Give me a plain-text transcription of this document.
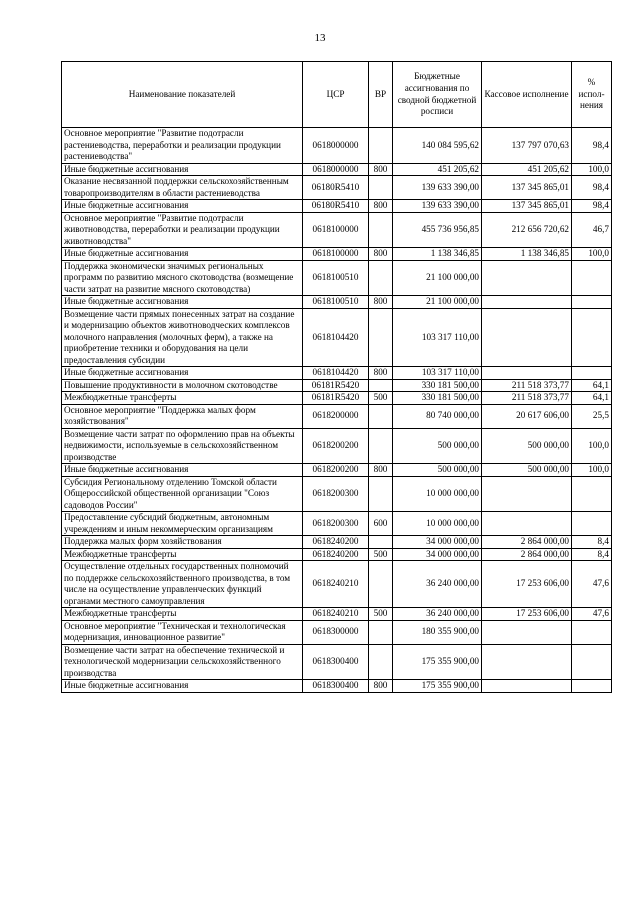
13
Наименование показателей	ЦСР	ВР	Бюджетные ассигнования по сводной бюджетной росписи	Кассовое исполнение	% испол-нения
Основное мероприятие "Развитие подотрасли растениеводства, переработки и реализации продукции растениеводства"	0618000000		140 084 595,62	137 797 070,63	98,4
Иные бюджетные ассигнования	0618000000	800	451 205,62	451 205,62	100,0
Оказание несвязанной поддержки сельскохозяйственным товаропроизводителям в области растениеводства	06180R5410		139 633 390,00	137 345 865,01	98,4
Иные бюджетные ассигнования	06180R5410	800	139 633 390,00	137 345 865,01	98,4
Основное мероприятие "Развитие подотрасли животноводства, переработки и реализации продукции животноводства"	0618100000		455 736 956,85	212 656 720,62	46,7
Иные бюджетные ассигнования	0618100000	800	1 138 346,85	1 138 346,85	100,0
Поддержка экономически значимых региональных программ по развитию мясного скотоводства (возмещение части затрат на развитие мясного скотоводства)	0618100510		21 100 000,00		
Иные бюджетные ассигнования	0618100510	800	21 100 000,00		
Возмещение части прямых понесенных затрат на создание и модернизацию объектов животноводческих комплексов молочного направления (молочных ферм), а также на приобретение техники и оборудования на цели предоставления субсидии	0618104420		103 317 110,00		
Иные бюджетные ассигнования	0618104420	800	103 317 110,00		
Повышение продуктивности в молочном скотоводстве	06181R5420		330 181 500,00	211 518 373,77	64,1
Межбюджетные трансферты	06181R5420	500	330 181 500,00	211 518 373,77	64,1
Основное мероприятие "Поддержка малых форм хозяйствования"	0618200000		80 740 000,00	20 617 606,00	25,5
Возмещение части затрат по оформлению прав на объекты недвижимости, используемые в сельскохозяйственном производстве	0618200200		500 000,00	500 000,00	100,0
Иные бюджетные ассигнования	0618200200	800	500 000,00	500 000,00	100,0
Субсидия Региональному отделению Томской области Общероссийской общественной организации "Союз садоводов России"	0618200300		10 000 000,00		
Предоставление субсидий бюджетным, автономным учреждениям и иным некоммерческим организациям	0618200300	600	10 000 000,00		
Поддержка малых форм хозяйствования	0618240200		34 000 000,00	2 864 000,00	8,4
Межбюджетные трансферты	0618240200	500	34 000 000,00	2 864 000,00	8,4
Осуществление отдельных государственных полномочий по поддержке сельскохозяйственного производства, в том числе на осуществление управленческих функций органами местного самоуправления	0618240210		36 240 000,00	17 253 606,00	47,6
Межбюджетные трансферты	0618240210	500	36 240 000,00	17 253 606,00	47,6
Основное мероприятие "Техническая и технологическая модернизация, инновационное развитие"	0618300000		180 355 900,00		
Возмещение части затрат на обеспечение технической и технологической модернизации сельскохозяйственного производства	0618300400		175 355 900,00		
Иные бюджетные ассигнования	0618300400	800	175 355 900,00		
